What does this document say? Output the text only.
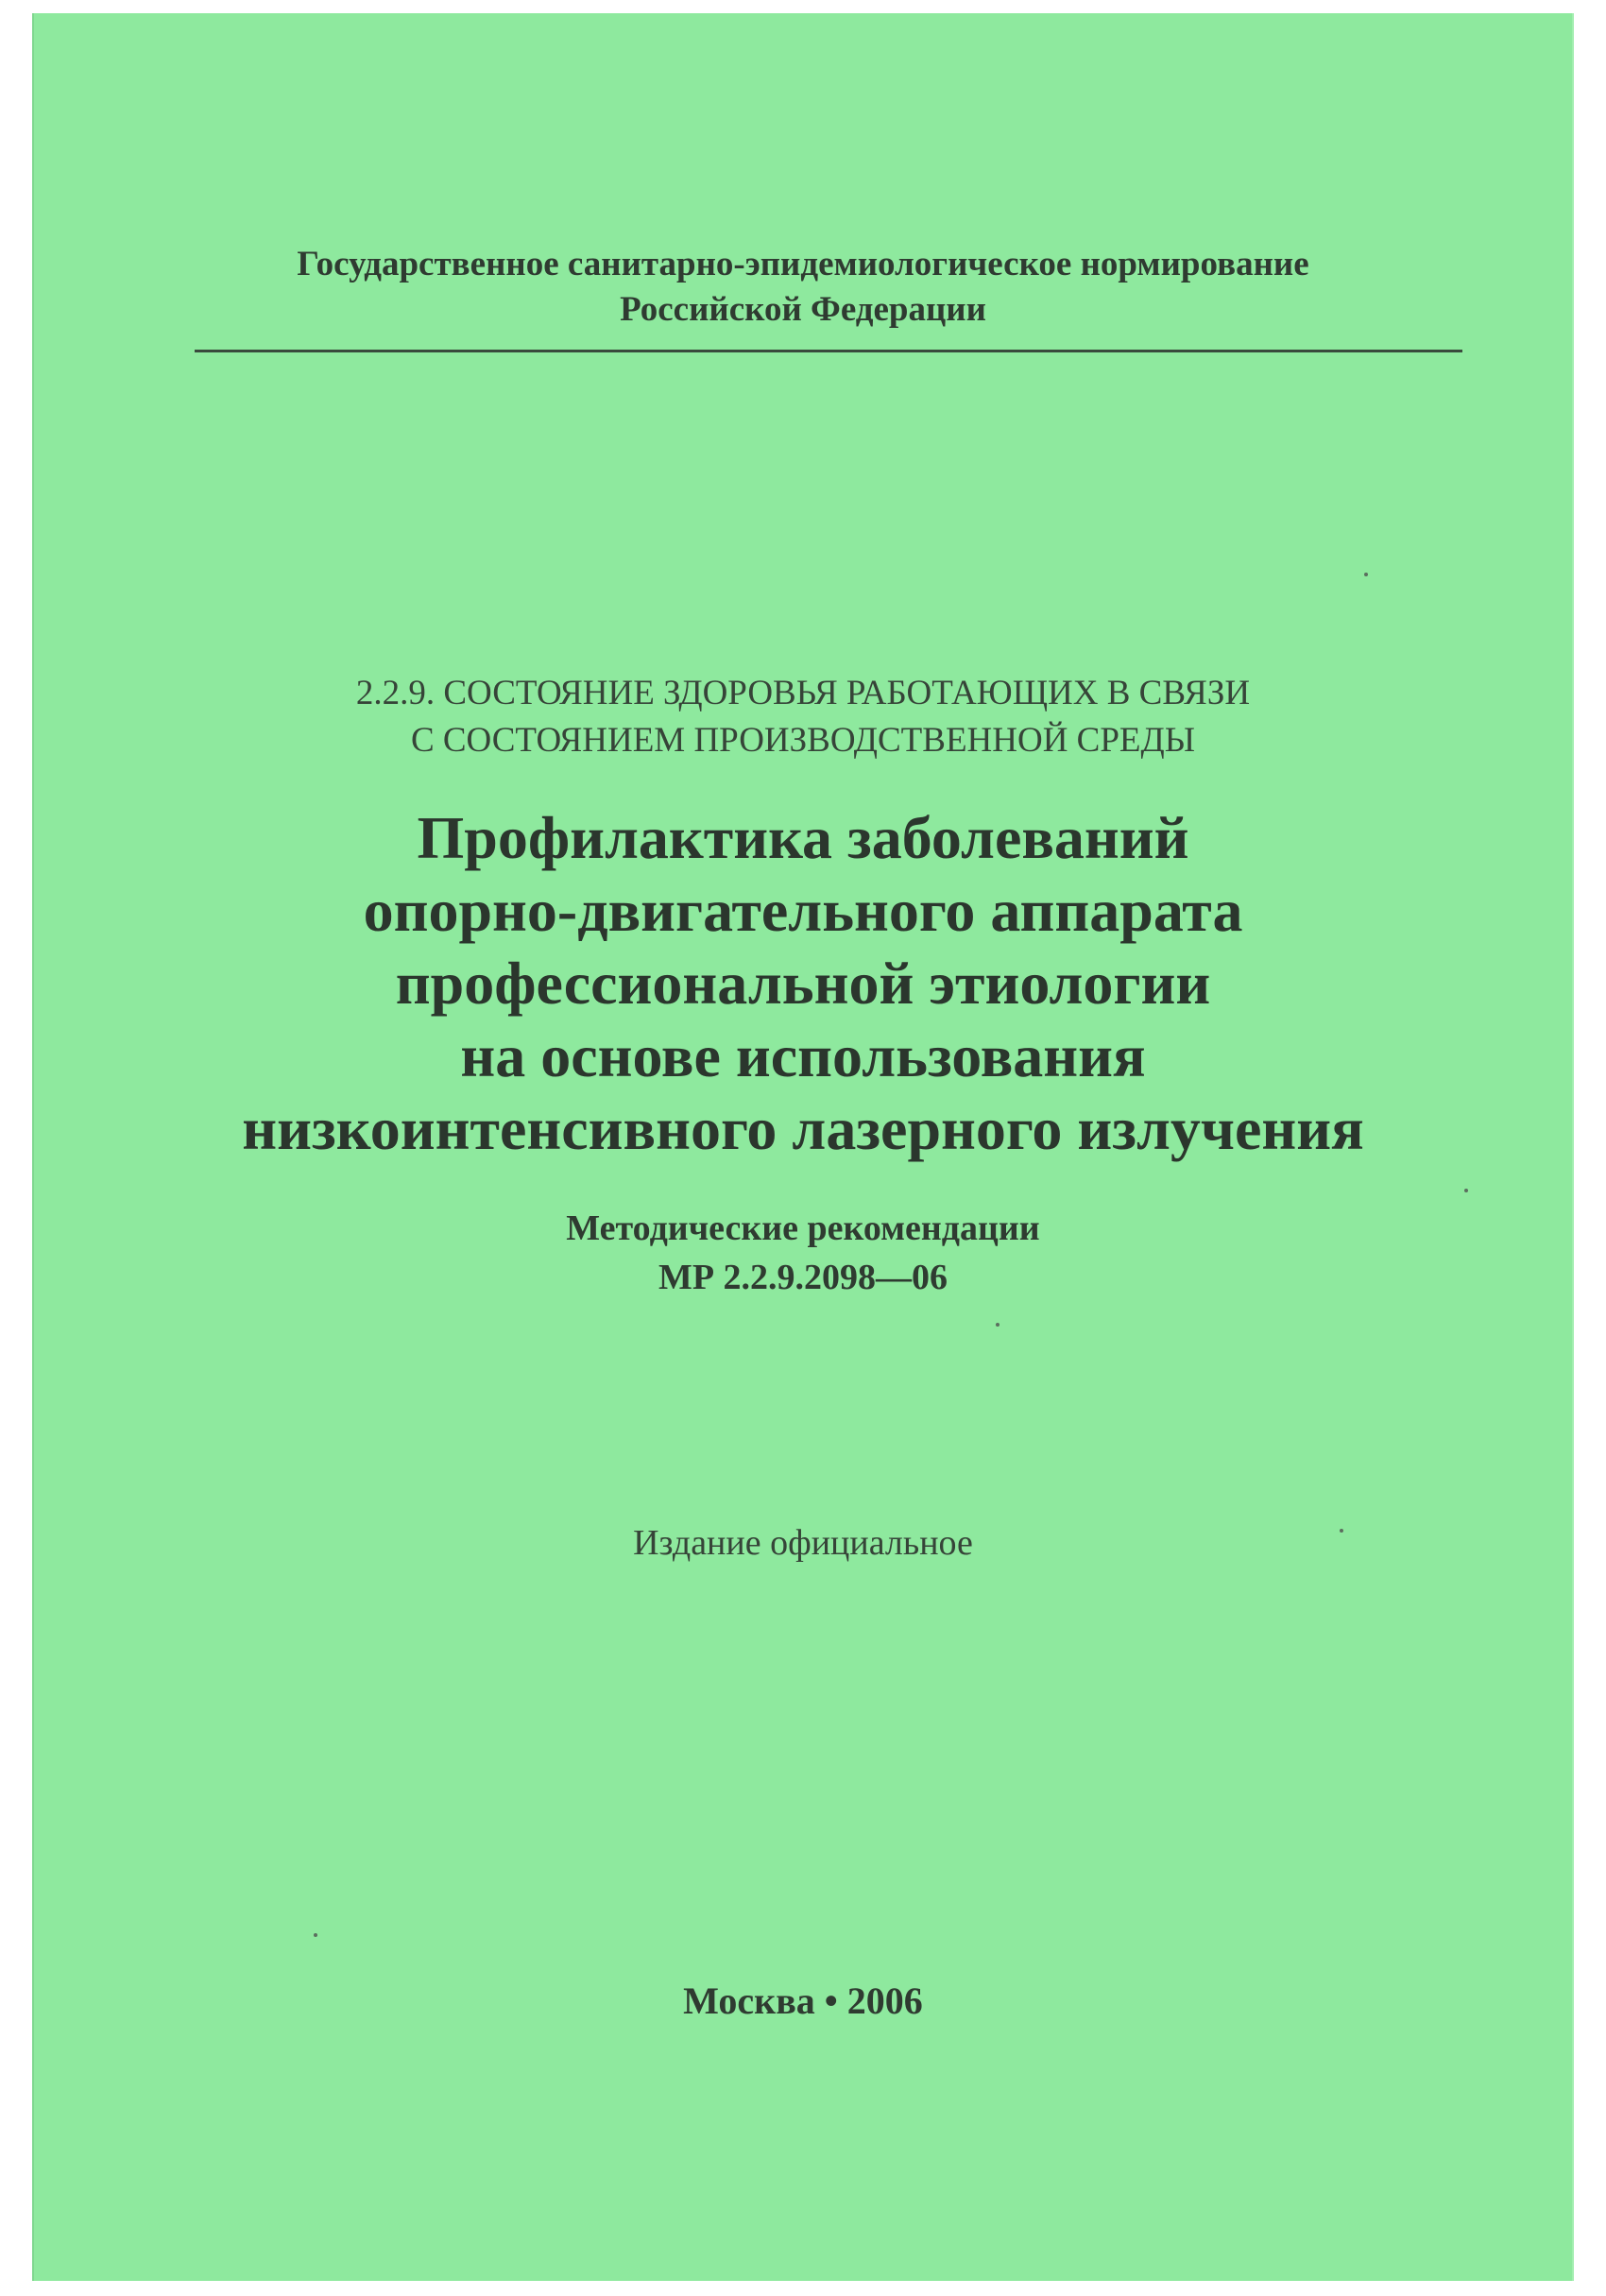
Государственное санитарно-эпидемиологическое нормирование
Российской Федерации
2.2.9. СОСТОЯНИЕ ЗДОРОВЬЯ РАБОТАЮЩИХ В СВЯЗИ
С СОСТОЯНИЕМ ПРОИЗВОДСТВЕННОЙ СРЕДЫ
Профилактика заболеваний
опорно-двигательного аппарата
профессиональной этиологии
на основе использования
низкоинтенсивного лазерного излучения
Методические рекомендации
МР 2.2.9.2098—06
Издание официальное
Москва • 2006
